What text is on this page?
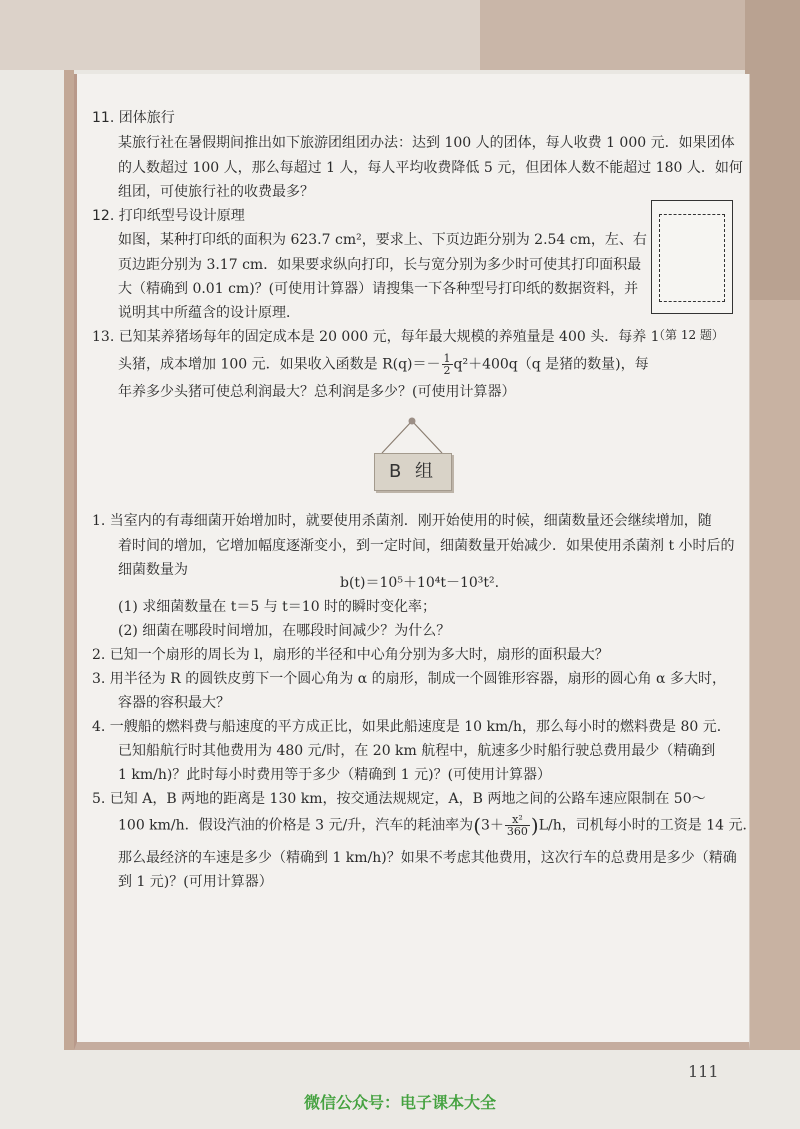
11. 团体旅行
某旅行社在暑假期间推出如下旅游团组团办法：达到 100 人的团体，每人收费 1 000 元．如果团体
的人数超过 100 人，那么每超过 1 人，每人平均收费降低 5 元，但团体人数不能超过 180 人．如何
组团，可使旅行社的收费最多？
12. 打印纸型号设计原理
如图，某种打印纸的面积为 623.7 cm²，要求上、下页边距分别为 2.54 cm，左、右
页边距分别为 3.17 cm．如果要求纵向打印，长与宽分别为多少时可使其打印面积最
大（精确到 0.01 cm)？(可使用计算器）请搜集一下各种型号打印纸的数据资料，并
说明其中所蕴含的设计原理．
（第 12 题）
13. 已知某养猪场每年的固定成本是 20 000 元，每年最大规模的养殖量是 400 头．每养 1
头猪，成本增加 100 元．如果收入函数是 $R(q)=- \frac{1}{2} q^2+400q(q$ 是猪的数量)，每
年养多少头猪可使总利润最大？总利润是多少？(可使用计算器）
B 组
1. 当室内的有毒细菌开始增加时，就要使用杀菌剂．刚开始使用的时候，细菌数量还会继续增加，随
着时间的增加，它增加幅度逐渐变小，到一定时间，细菌数量开始减少．如果使用杀菌剂 t 小时后的
细菌数量为
b(t)＝10⁵＋10⁴t－10³t².
(1) 求细菌数量在 t＝5 与 t＝10 时的瞬时变化率；
(2) 细菌在哪段时间增加，在哪段时间减少？为什么？
2. 已知一个扇形的周长为 l，扇形的半径和中心角分别为多大时，扇形的面积最大？
3. 用半径为 R 的圆铁皮剪下一个圆心角为 α 的扇形，制成一个圆锥形容器，扇形的圆心角 α 多大时，
容器的容积最大？
4. 一艘船的燃料费与船速度的平方成正比，如果此船速度是 10 km/h，那么每小时的燃料费是 80 元．
已知船航行时其他费用为 480 元/时，在 20 km 航程中，航速多少时船行驶总费用最少（精确到
1 km/h)？此时每小时费用等于多少（精确到 1 元)？(可使用计算器）
5. 已知 A，B 两地的距离是 130 km，按交通法规规定，A，B 两地之间的公路车速应限制在 50～
100 km/h．假设汽油的价格是 3 元/升，汽车的耗油率为$(3+ \frac{\text{x²}}{360} )L/h$，司机每小时的工资是 14 元．
那么最经济的车速是多少（精确到 1 km/h)？如果不考虑其他费用，这次行车的总费用是多少（精确
到 1 元)？(可用计算器）
111
微信公众号：电子课本大全
